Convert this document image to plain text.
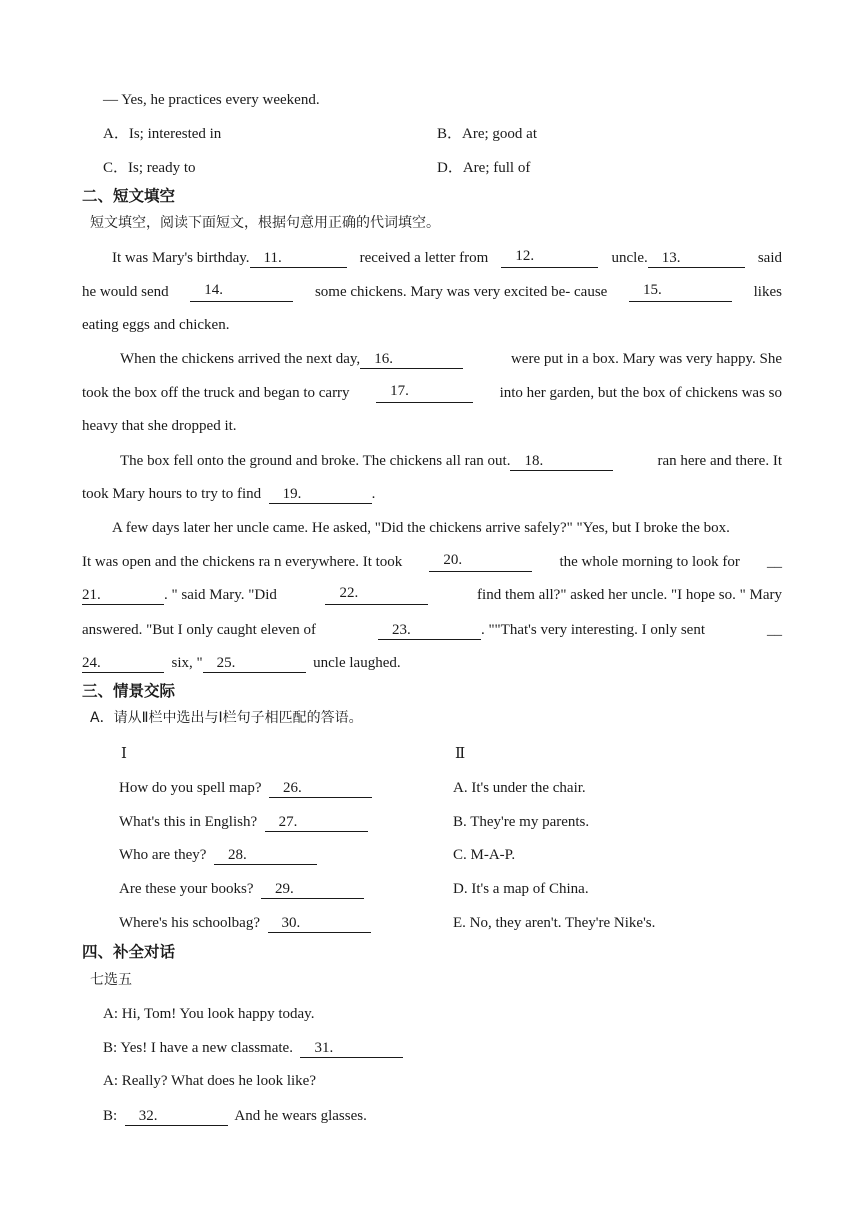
— Yes, he practices every weekend.
A．Is; interested in	B．Are; good at
C．Is; ready to	D．Are; full of
二、短文填空
短文填空，阅读下面短文，根据句意用正确的代词填空。
It was Mary's birthday. 11.	received a letter from	12.	uncle. 13.	said
he would send	14.	some chickens. Mary was very excited be- cause	15.	likes
eating eggs and chicken.
When the chickens arrived the next day, 16.	were put in a box. Mary was very happy. She
took the box off the truck and began to carry	17.	into her garden, but the box of chickens was so
heavy that she dropped it.
The box fell onto the ground and broke. The chickens all ran out. 18.	ran here and there. It
took Mary hours to try to find 19.	.
A few days later her uncle came. He asked, "Did the chickens arrive safely?" "Yes, but I broke the box.
It was open and the chickens ra n everywhere. It took	20.	the whole morning to look for __
21.	. " said Mary. "Did	22.	find them all?" asked her uncle. "I hope so. " Mary
answered. "But I only caught eleven of	23.	. ""That's very interesting. I only sent	__
24.	six, " 25.	uncle laughed.
三、情景交际
A．请从Ⅱ栏中选出与Ⅰ栏句子相匹配的答语。
Ⅰ	Ⅱ
How do you spell map? 26.	A. It's under the chair.
What's this in English? 27.	B. They're my parents.
Who are they? 28.	C. M-A-P.
Are these your books? 29.	D. It's a map of China.
Where's his schoolbag? 30.	E. No, they aren't. They're Nike's.
四、补全对话
七选五
A: Hi, Tom! You look happy today.
B: Yes! I have a new classmate. 31.
A: Really? What does he look like?
B: 32.	And he wears glasses.
